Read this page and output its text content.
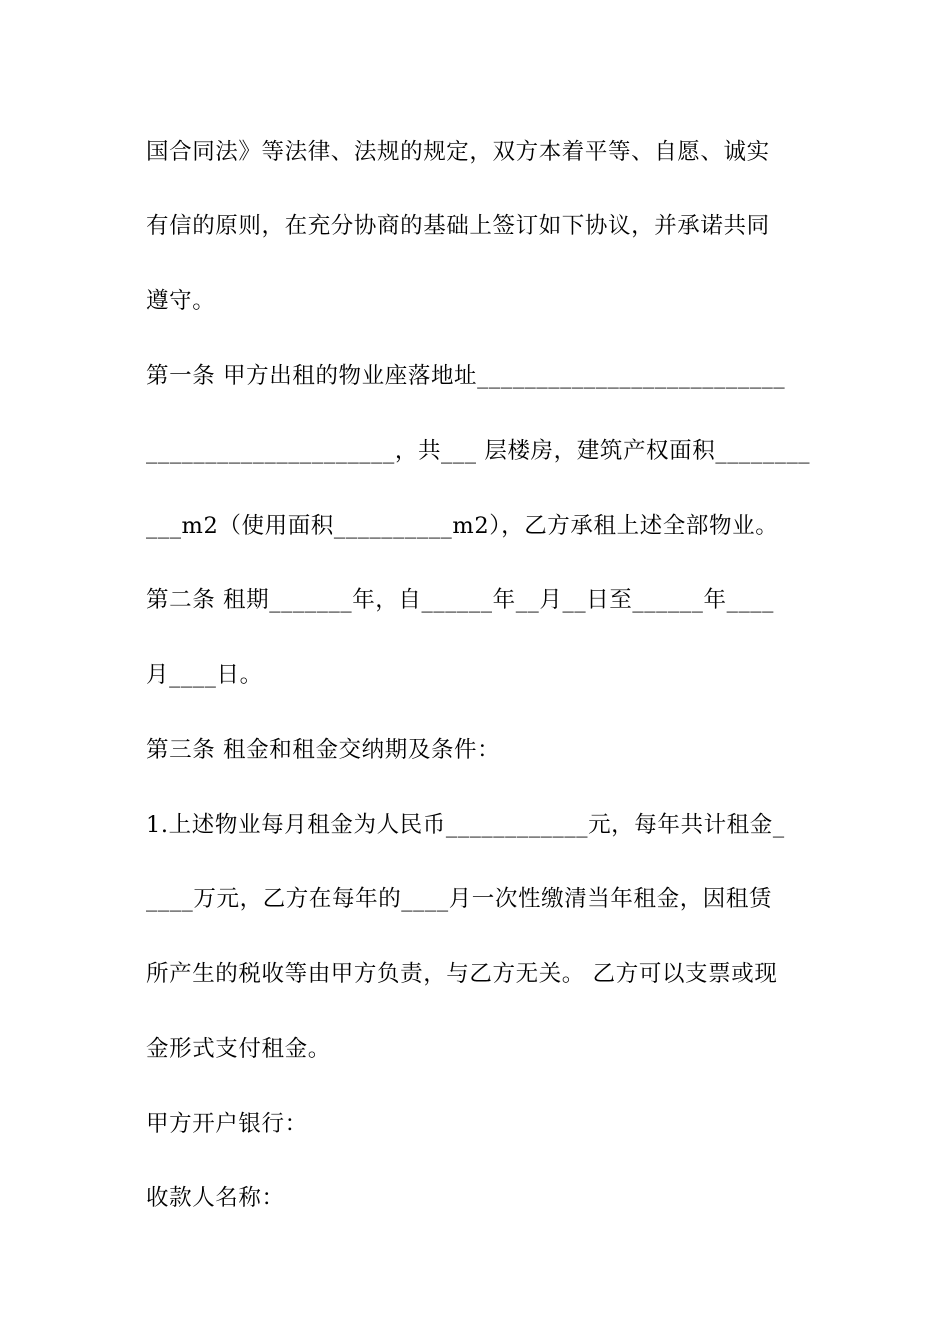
国合同法》等法律、法规的规定，双方本着平等、自愿、诚实
有信的原则，在充分协商的基础上签订如下协议，并承诺共同
遵守。
第一条 甲方出租的物业座落地址__________________________
_____________________，共___ 层楼房，建筑产权面积________
___m2（使用面积__________m2），乙方承租上述全部物业。
第二条 租期_______年，自______年__月__日至______年____
月____日。
第三条 租金和租金交纳期及条件：
1.上述物业每月租金为人民币____________元，每年共计租金_
____万元，乙方在每年的____月一次性缴清当年租金，因租赁
所产生的税收等由甲方负责，与乙方无关。 乙方可以支票或现
金形式支付租金。
甲方开户银行：
收款人名称：
